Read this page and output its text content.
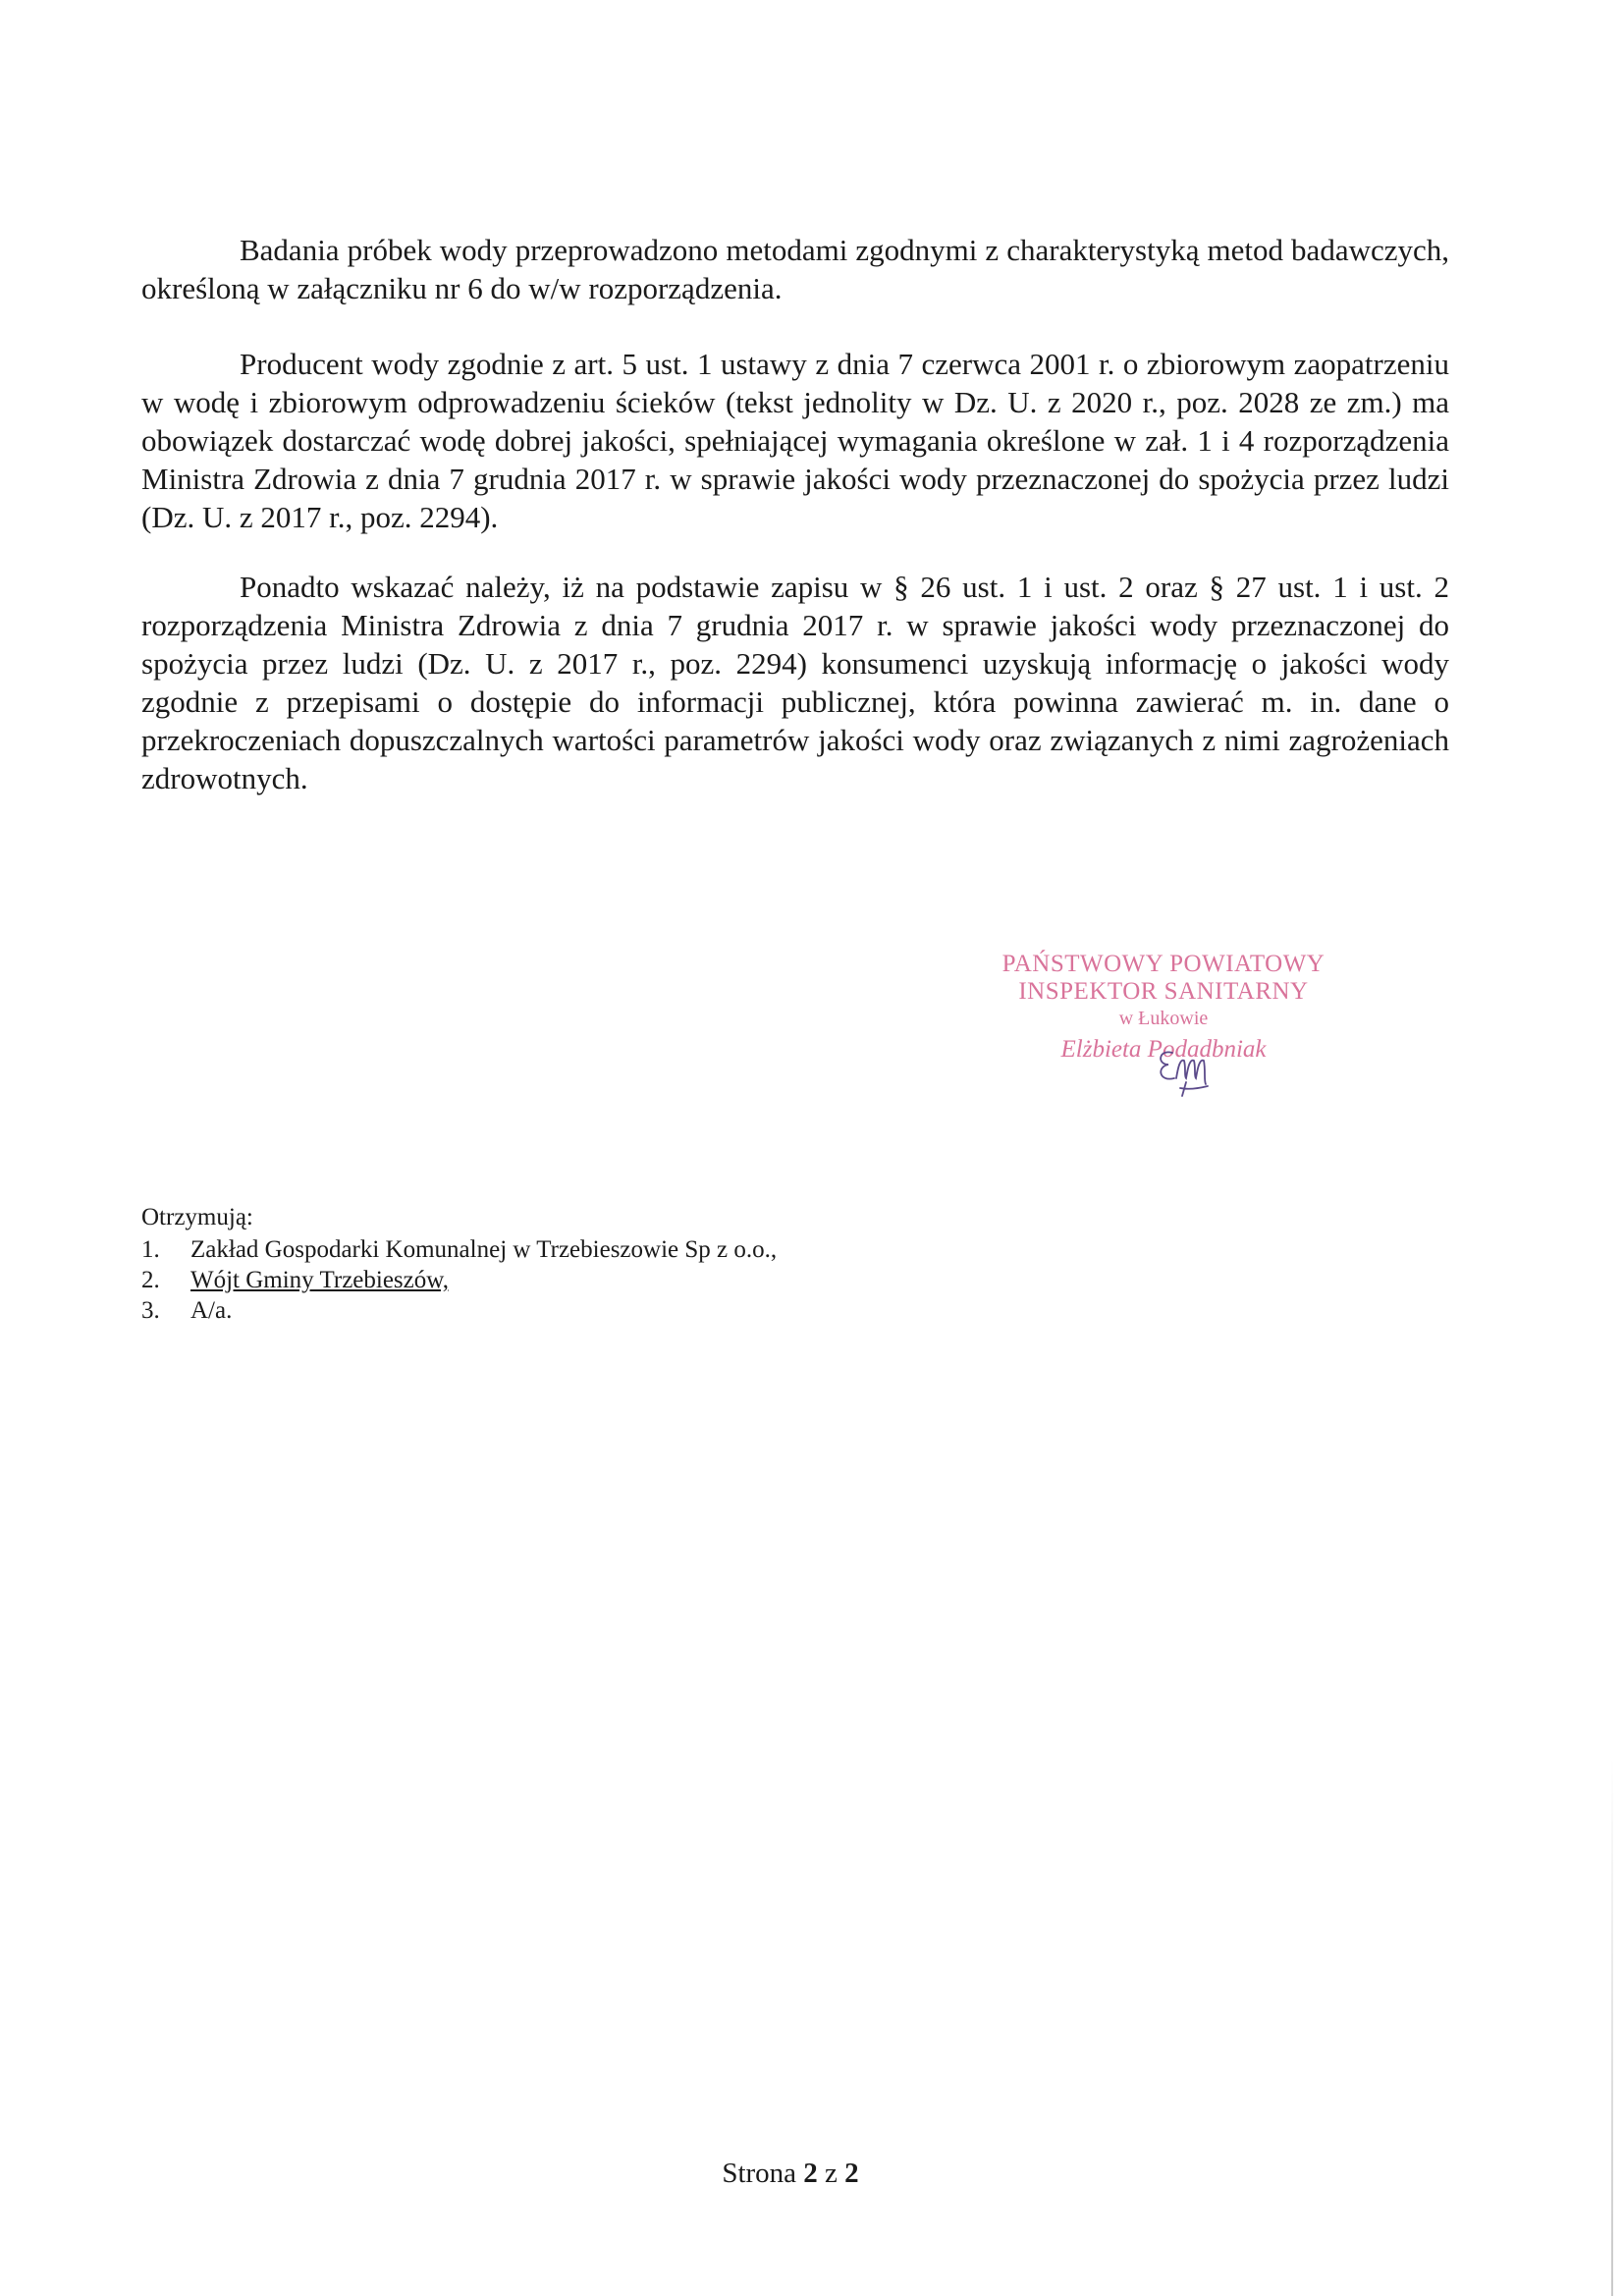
Badania próbek wody przeprowadzono metodami zgodnymi z charakterystyką metod badawczych, określoną w załączniku nr 6 do w/w rozporządzenia.

Producent wody zgodnie z art. 5 ust. 1 ustawy z dnia 7 czerwca 2001 r. o zbiorowym zaopatrzeniu w wodę i zbiorowym odprowadzeniu ścieków (tekst jednolity w Dz. U. z 2020 r., poz. 2028 ze zm.) ma obowiązek dostarczać wodę dobrej jakości, spełniającej wymagania określone w zał. 1 i 4 rozporządzenia Ministra Zdrowia z dnia 7 grudnia 2017 r. w sprawie jakości wody przeznaczonej do spożycia przez ludzi (Dz. U. z 2017 r., poz. 2294).

Ponadto wskazać należy, iż na podstawie zapisu w § 26 ust. 1 i ust. 2 oraz § 27 ust. 1 i ust. 2 rozporządzenia Ministra Zdrowia z dnia 7 grudnia 2017 r. w sprawie jakości wody przeznaczonej do spożycia przez ludzi (Dz. U. z 2017 r., poz. 2294) konsumenci uzyskują informację o jakości wody zgodnie z przepisami o dostępie do informacji publicznej, która powinna zawierać m. in. dane o przekroczeniach dopuszczalnych wartości parametrów jakości wody oraz związanych z nimi zagrożeniach zdrowotnych.

PAŃSTWOWY POWIATOWY
INSPEKTOR SANITARNY
w Łukowie
Elżbieta Podadbniak
Otrzymują:
1.	Zakład Gospodarki Komunalnej w Trzebieszowie Sp z o.o.,
2.	Wójt Gminy Trzebieszów,
3.	A/a.
Strona 2 z 2
